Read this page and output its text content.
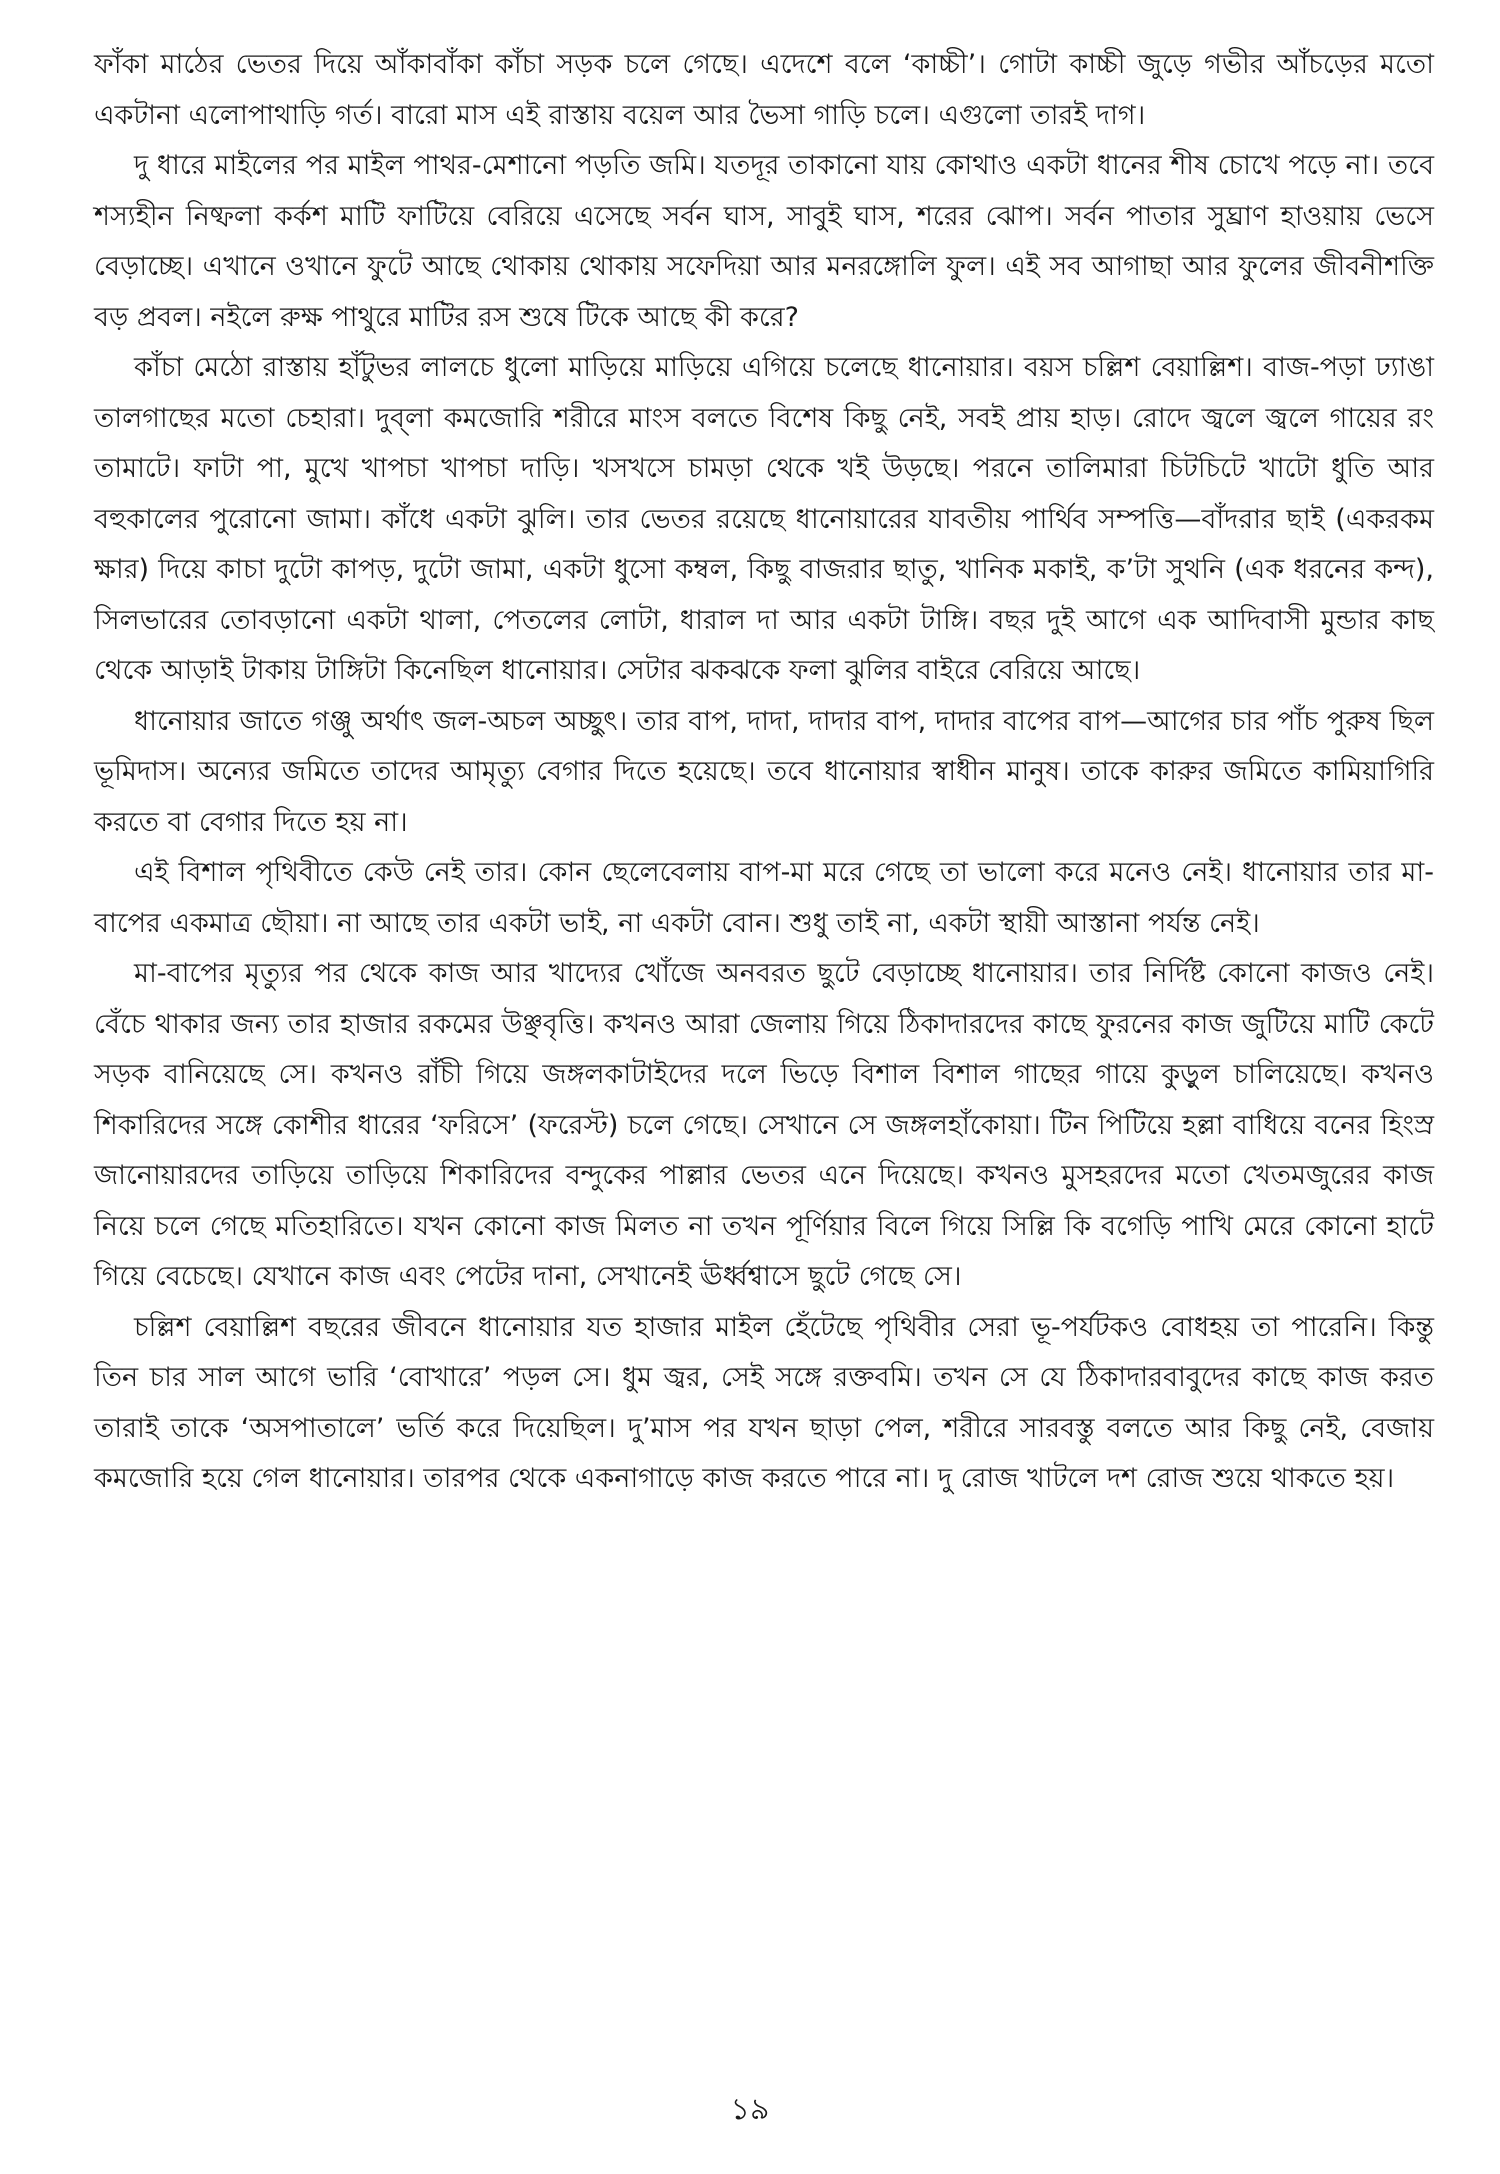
ফাঁকা মাঠের ভেতর দিয়ে আঁকাবাঁকা কাঁচা সড়ক চলে গেছে। এদেশে বলে ‘কাচ্চী’। গোটা কাচ্চী জুড়ে গভীর আঁচড়ের মতো একটানা এলোপাথাড়ি গর্ত। বারো মাস এই রাস্তায় বয়েল আর ভৈসা গাড়ি চলে। এগুলো তারই দাগ।

দু ধারে মাইলের পর মাইল পাথর-মেশানো পড়তি জমি। যতদূর তাকানো যায় কোথাও একটা ধানের শীষ চোখে পড়ে না। তবে শস্যহীন নিষ্ফলা কর্কশ মাটি ফাটিয়ে বেরিয়ে এসেছে সর্বন ঘাস, সাবুই ঘাস, শরের ঝোপ। সর্বন পাতার সুঘ্রাণ হাওয়ায় ভেসে বেড়াচ্ছে। এখানে ওখানে ফুটে আছে থোকায় থোকায় সফেদিয়া আর মনরঙ্গোলি ফুল। এই সব আগাছা আর ফুলের জীবনীশক্তি বড় প্রবল। নইলে রুক্ষ পাথুরে মাটির রস শুষে টিকে আছে কী করে?

কাঁচা মেঠো রাস্তায় হাঁটুভর লালচে ধুলো মাড়িয়ে মাড়িয়ে এগিয়ে চলেছে ধানোয়ার। বয়স চল্লিশ বেয়াল্লিশ। বাজ-পড়া ঢ্যাঙা তালগাছের মতো চেহারা। দুব্‌লা কমজোরি শরীরে মাংস বলতে বিশেষ কিছু নেই, সবই প্রায় হাড়। রোদে জ্বলে জ্বলে গায়ের রং তামাটে। ফাটা পা, মুখে খাপচা খাপচা দাড়ি। খসখসে চামড়া থেকে খই উড়ছে। পরনে তালিমারা চিটচিটে খাটো ধুতি আর বহুকালের পুরোনো জামা। কাঁধে একটা ঝুলি। তার ভেতর রয়েছে ধানোয়ারের যাবতীয় পার্থিব সম্পত্তি—বাঁদরার ছাই (একরকম ক্ষার) দিয়ে কাচা দুটো কাপড়, দুটো জামা, একটা ধুসো কম্বল, কিছু বাজরার ছাতু, খানিক মকাই, ক’টা সুথনি (এক ধরনের কন্দ), সিলভারের তোবড়ানো একটা থালা, পেতলের লোটা, ধারাল দা আর একটা টাঙ্গি। বছর দুই আগে এক আদিবাসী মুন্ডার কাছ থেকে আড়াই টাকায় টাঙ্গিটা কিনেছিল ধানোয়ার। সেটার ঝকঝকে ফলা ঝুলির বাইরে বেরিয়ে আছে।

ধানোয়ার জাতে গঞ্জু অর্থাৎ জল-অচল অচ্ছুৎ। তার বাপ, দাদা, দাদার বাপ, দাদার বাপের বাপ—আগের চার পাঁচ পুরুষ ছিল ভূমিদাস। অন্যের জমিতে তাদের আমৃত্যু বেগার দিতে হয়েছে। তবে ধানোয়ার স্বাধীন মানুষ। তাকে কারুর জমিতে কামিয়াগিরি করতে বা বেগার দিতে হয় না।

এই বিশাল পৃথিবীতে কেউ নেই তার। কোন ছেলেবেলায় বাপ-মা মরে গেছে তা ভালো করে মনেও নেই। ধানোয়ার তার মা-বাপের একমাত্র ছৌয়া। না আছে তার একটা ভাই, না একটা বোন। শুধু তাই না, একটা স্থায়ী আস্তানা পর্যন্ত নেই।

মা-বাপের মৃত্যুর পর থেকে কাজ আর খাদ্যের খোঁজে অনবরত ছুটে বেড়াচ্ছে ধানোয়ার। তার নির্দিষ্ট কোনো কাজও নেই। বেঁচে থাকার জন্য তার হাজার রকমের উঞ্ছবৃত্তি। কখনও আরা জেলায় গিয়ে ঠিকাদারদের কাছে ফুরনের কাজ জুটিয়ে মাটি কেটে সড়ক বানিয়েছে সে। কখনও রাঁচী গিয়ে জঙ্গলকাটাইদের দলে ভিড়ে বিশাল বিশাল গাছের গায়ে কুড়ুল চালিয়েছে। কখনও শিকারিদের সঙ্গে কোশীর ধারের ‘ফরিসে’ (ফরেস্ট) চলে গেছে। সেখানে সে জঙ্গলহাঁকোয়া। টিন পিটিয়ে হল্লা বাধিয়ে বনের হিংস্র জানোয়ারদের তাড়িয়ে তাড়িয়ে শিকারিদের বন্দুকের পাল্লার ভেতর এনে দিয়েছে। কখনও মুসহরদের মতো খেতমজুরের কাজ নিয়ে চলে গেছে মতিহারিতে। যখন কোনো কাজ মিলত না তখন পূর্ণিয়ার বিলে গিয়ে সিল্লি কি বগেড়ি পাখি মেরে কোনো হাটে গিয়ে বেচেছে। যেখানে কাজ এবং পেটের দানা, সেখানেই ঊর্ধ্বশ্বাসে ছুটে গেছে সে।

চল্লিশ বেয়াল্লিশ বছরের জীবনে ধানোয়ার যত হাজার মাইল হেঁটেছে পৃথিবীর সেরা ভূ-পর্যটকও বোধহয় তা পারেনি। কিন্তু তিন চার সাল আগে ভারি ‘বোখারে’ পড়ল সে। ধুম জ্বর, সেই সঙ্গে রক্তবমি। তখন সে যে ঠিকাদারবাবুদের কাছে কাজ করত তারাই তাকে ‘অসপাতালে’ ভর্তি করে দিয়েছিল। দু’মাস পর যখন ছাড়া পেল, শরীরে সারবস্তু বলতে আর কিছু নেই, বেজায় কমজোরি হয়ে গেল ধানোয়ার। তারপর থেকে একনাগাড়ে কাজ করতে পারে না। দু রোজ খাটলে দশ রোজ শুয়ে থাকতে হয়।

১৯
